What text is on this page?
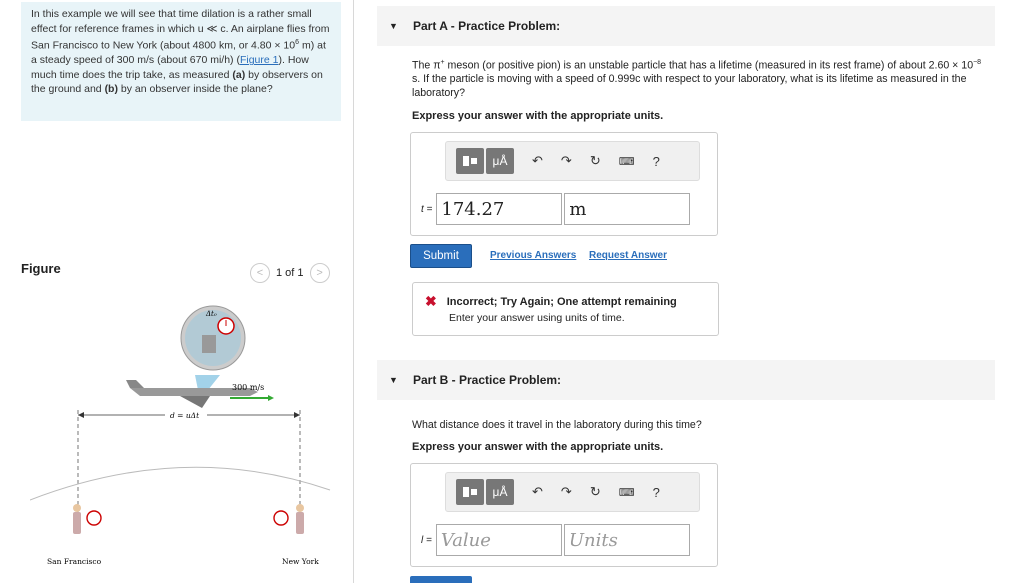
In this example we will see that time dilation is a rather small effect for reference frames in which u ≪ c. An airplane flies from San Francisco to New York (about 4800 km, or $4.80 \times 10^6$ m) at a steady speed of 300 m/s (about 670 mi/h) (Figure 1). How much time does the trip take, as measured (a) by observers on the ground and (b) by an observer inside the plane?
Figure	<	1 of 1	>
Δt₀
300 m/s
d = uΔt
San Francisco	New York
▼ Part A - Practice Problem:
The π+ meson (or positive pion) is an unstable particle that has a lifetime (measured in its rest frame) of about $2.60 \times 10^{-8}$ s. If the particle is moving with a speed of 0.999c with respect to your laboratory, what is its lifetime as measured in the laboratory?
Express your answer with the appropriate units.
μÅ	↶ ↷ ↻ ⌨ ?
t = 174.27	m
Submit	Previous Answers Request Answer
✖ Incorrect; Try Again; One attempt remaining
Enter your answer using units of time.
▼ Part B - Practice Problem:
What distance does it travel in the laboratory during this time?
Express your answer with the appropriate units.
μÅ	↶ ↷ ↻ ⌨ ?
l = Value	Units
